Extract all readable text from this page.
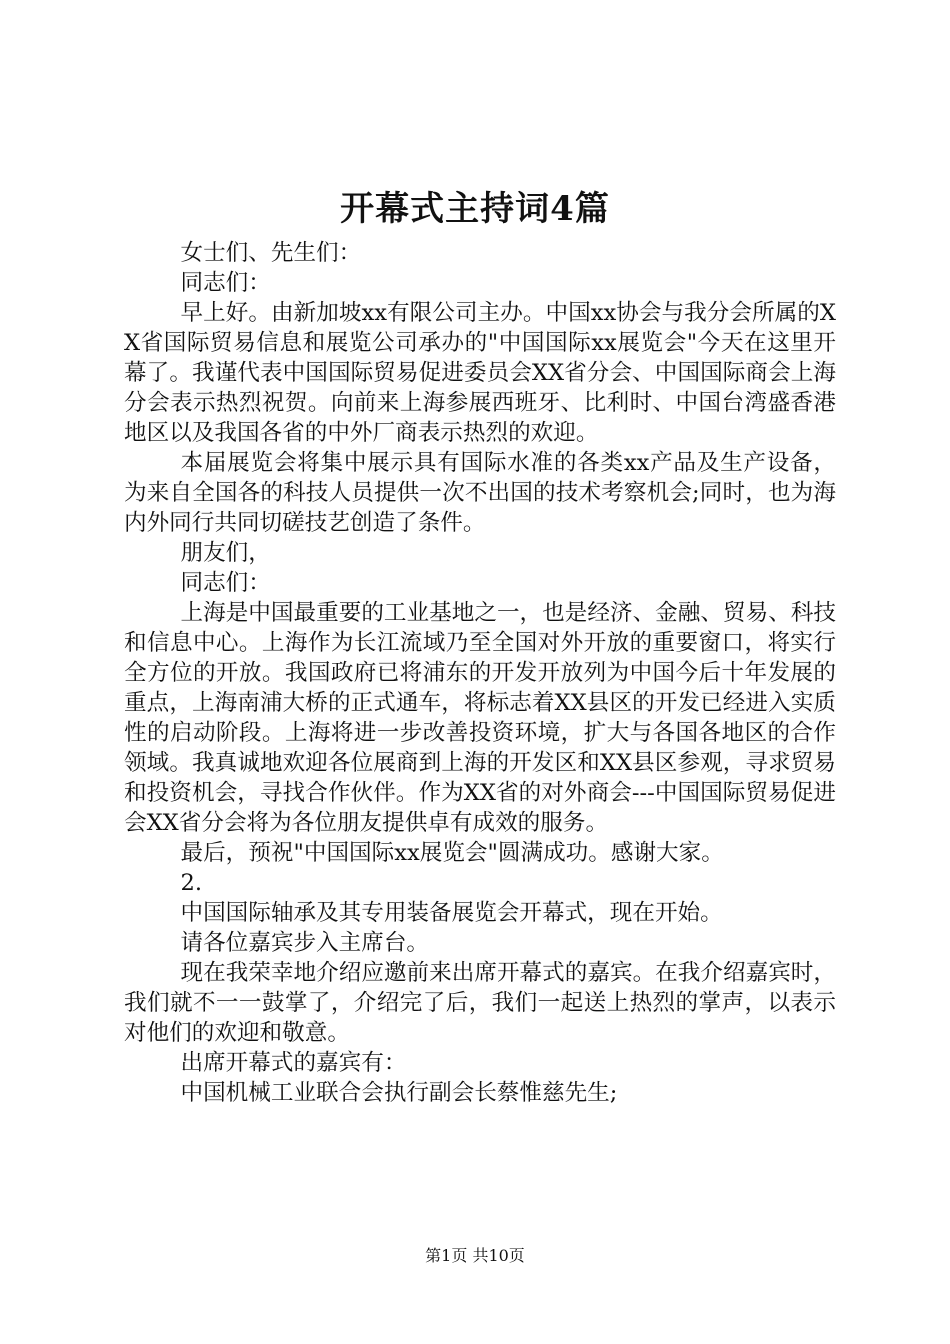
开幕式主持词4篇

女士们、先生们：

同志们：

早上好。由新加坡xx有限公司主办。中国xx协会与我分会所属的XX省国际贸易信息和展览公司承办的"中国国际xx展览会"今天在这里开幕了。我谨代表中国国际贸易促进委员会XX省分会、中国国际商会上海分会表示热烈祝贺。向前来上海参展西班牙、比利时、中国台湾盛香港地区以及我国各省的中外厂商表示热烈的欢迎。

本届展览会将集中展示具有国际水准的各类xx产品及生产设备，为来自全国各的科技人员提供一次不出国的技术考察机会;同时，也为海内外同行共同切磋技艺创造了条件。

朋友们，

同志们：

上海是中国最重要的工业基地之一，也是经济、金融、贸易、科技和信息中心。上海作为长江流域乃至全国对外开放的重要窗口，将实行全方位的开放。我国政府已将浦东的开发开放列为中国今后十年发展的重点，上海南浦大桥的正式通车，将标志着XX县区的开发已经进入实质性的启动阶段。上海将进一步改善投资环境，扩大与各国各地区的合作领域。我真诚地欢迎各位展商到上海的开发区和XX县区参观，寻求贸易和投资机会，寻找合作伙伴。作为XX省的对外商会---中国国际贸易促进会XX省分会将为各位朋友提供卓有成效的服务。

最后，预祝"中国国际xx展览会"圆满成功。感谢大家。

2.

中国国际轴承及其专用装备展览会开幕式，现在开始。

请各位嘉宾步入主席台。

现在我荣幸地介绍应邀前来出席开幕式的嘉宾。在我介绍嘉宾时，我们就不一一鼓掌了，介绍完了后，我们一起送上热烈的掌声，以表示对他们的欢迎和敬意。

出席开幕式的嘉宾有：

中国机械工业联合会执行副会长蔡惟慈先生;

第1页 共10页
